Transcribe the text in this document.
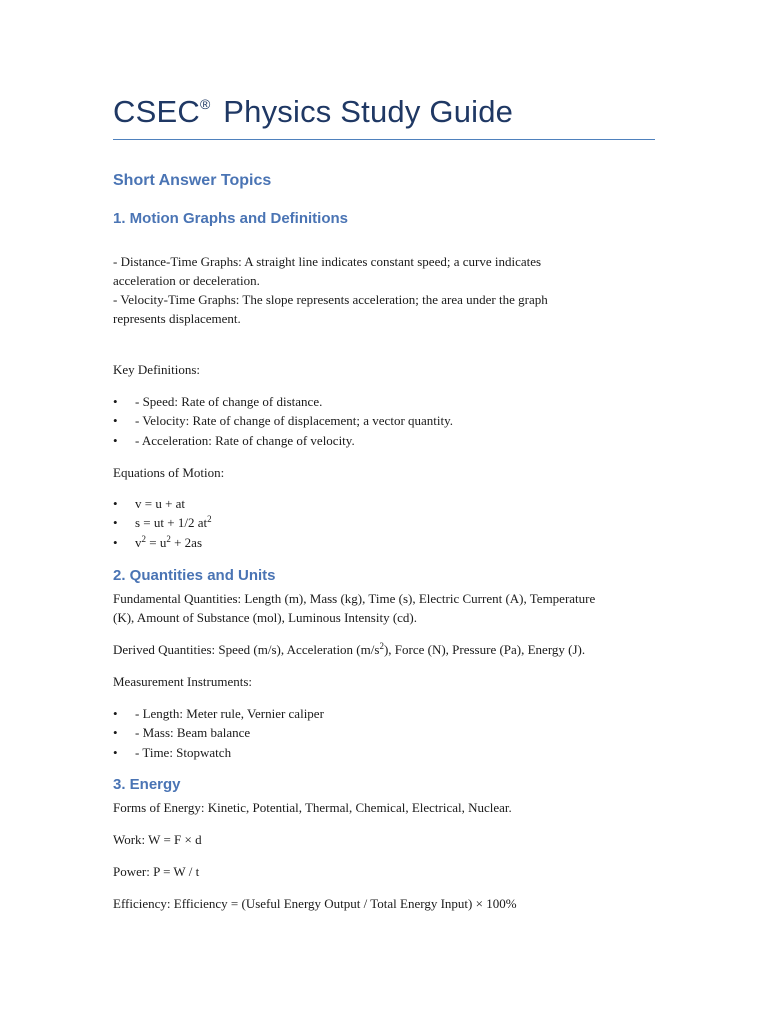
CSEC® Physics Study Guide
Short Answer Topics
1. Motion Graphs and Definitions
- Distance-Time Graphs: A straight line indicates constant speed; a curve indicates
acceleration or deceleration.
- Velocity-Time Graphs: The slope represents acceleration; the area under the graph
represents displacement.
Key Definitions:
• - Speed: Rate of change of distance.
• - Velocity: Rate of change of displacement; a vector quantity.
• - Acceleration: Rate of change of velocity.
Equations of Motion:
• v = u + at
• s = ut + 1/2 $at^2$
• $v^2 = u^2 + 2as$
2. Quantities and Units
Fundamental Quantities: Length (m), Mass (kg), Time (s), Electric Current (A), Temperature
(K), Amount of Substance (mol), Luminous Intensity (cd).
Derived Quantities: Speed (m/s), Acceleration $(m/s^2)$, Force (N), Pressure (Pa), Energy (J).
Measurement Instruments:
• - Length: Meter rule, Vernier caliper
• - Mass: Beam balance
• - Time: Stopwatch
3. Energy
Forms of Energy: Kinetic, Potential, Thermal, Chemical, Electrical, Nuclear.
Work: W = F × d
Power: P = W / t
Efficiency: Efficiency = (Useful Energy Output / Total Energy Input) × 100%
